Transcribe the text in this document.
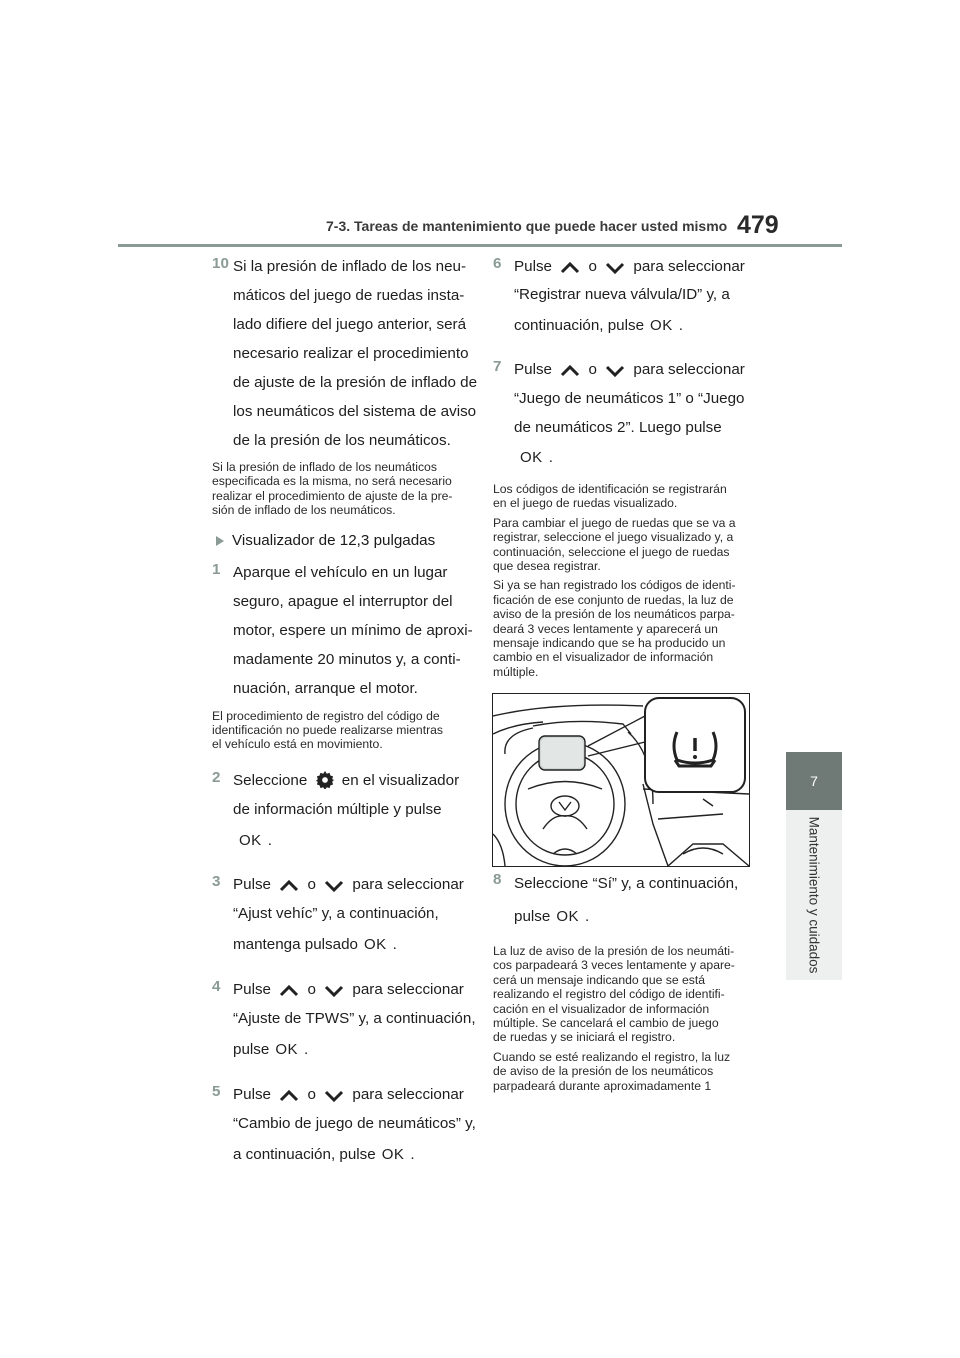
7-3. Tareas de mantenimiento que puede hacer usted mismo 479
7
Mantenimiento y cuidados
10 Si la presión de inflado de los neu-
máticos del juego de ruedas insta-
lado difiere del juego anterior, será
necesario realizar el procedimiento
de ajuste de la presión de inflado de
los neumáticos del sistema de aviso
de la presión de los neumáticos.
Si la presión de inflado de los neumáticos
especificada es la misma, no será necesario
realizar el procedimiento de ajuste de la pre-
sión de inflado de los neumáticos.
Visualizador de 12,3 pulgadas
1 Aparque el vehículo en un lugar
seguro, apague el interruptor del
motor, espere un mínimo de aproxi-
madamente 20 minutos y, a conti-
nuación, arranque el motor.
El procedimiento de registro del código de
identificación no puede realizarse mientras
el vehículo está en movimiento.
2 Seleccione en el visualizador
de información múltiple y pulse
OK .
3 Pulse o para seleccionar
“Ajust vehíc” y, a continuación,
mantenga pulsado OK .
4 Pulse o para seleccionar
“Ajuste de TPWS” y, a continuación,
pulse OK .
5 Pulse o para seleccionar
“Cambio de juego de neumáticos” y,
a continuación, pulse OK .
6 Pulse o para seleccionar
“Registrar nueva válvula/ID” y, a
continuación, pulse OK .
7 Pulse o para seleccionar
“Juego de neumáticos 1” o “Juego
de neumáticos 2”. Luego pulse
OK .
Los códigos de identificación se registrarán
en el juego de ruedas visualizado.
Para cambiar el juego de ruedas que se va a
registrar, seleccione el juego visualizado y, a
continuación, seleccione el juego de ruedas
que desea registrar.
Si ya se han registrado los códigos de identi-
ficación de ese conjunto de ruedas, la luz de
aviso de la presión de los neumáticos parpa-
deará 3 veces lentamente y aparecerá un
mensaje indicando que se ha producido un
cambio en el visualizador de información
múltiple.
8 Seleccione “Sí” y, a continuación,
pulse OK .
La luz de aviso de la presión de los neumáti-
cos parpadeará 3 veces lentamente y apare-
cerá un mensaje indicando que se está
realizando el registro del código de identifi-
cación en el visualizador de información
múltiple. Se cancelará el cambio de juego
de ruedas y se iniciará el registro.
Cuando se esté realizando el registro, la luz
de aviso de la presión de los neumáticos
parpadeará durante aproximadamente 1
